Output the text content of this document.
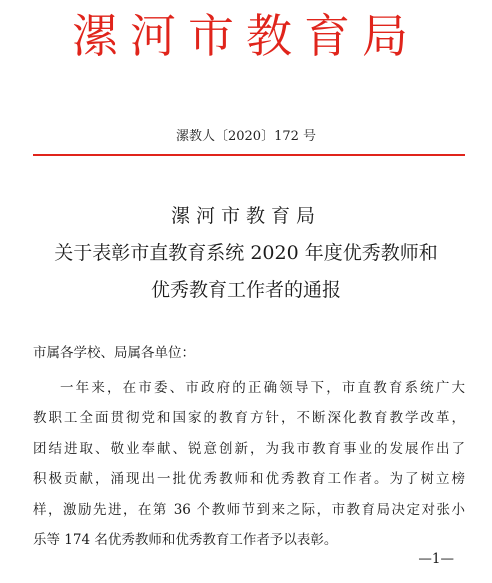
漯河市教育局
漯教人〔2020〕172 号
漯河市教育局
关于表彰市直教育系统 2020 年度优秀教师和
优秀教育工作者的通报
市属各学校、局属各单位：
一年来，在市委、市政府的正确领导下，市直教育系统广大
教职工全面贯彻党和国家的教育方针，不断深化教育教学改革，
团结进取、敬业奉献、锐意创新，为我市教育事业的发展作出了
积极贡献，涌现出一批优秀教师和优秀教育工作者。为了树立榜
样，激励先进，在第 36 个教师节到来之际，市教育局决定对张小
乐等 174 名优秀教师和优秀教育工作者予以表彰。
—1—
